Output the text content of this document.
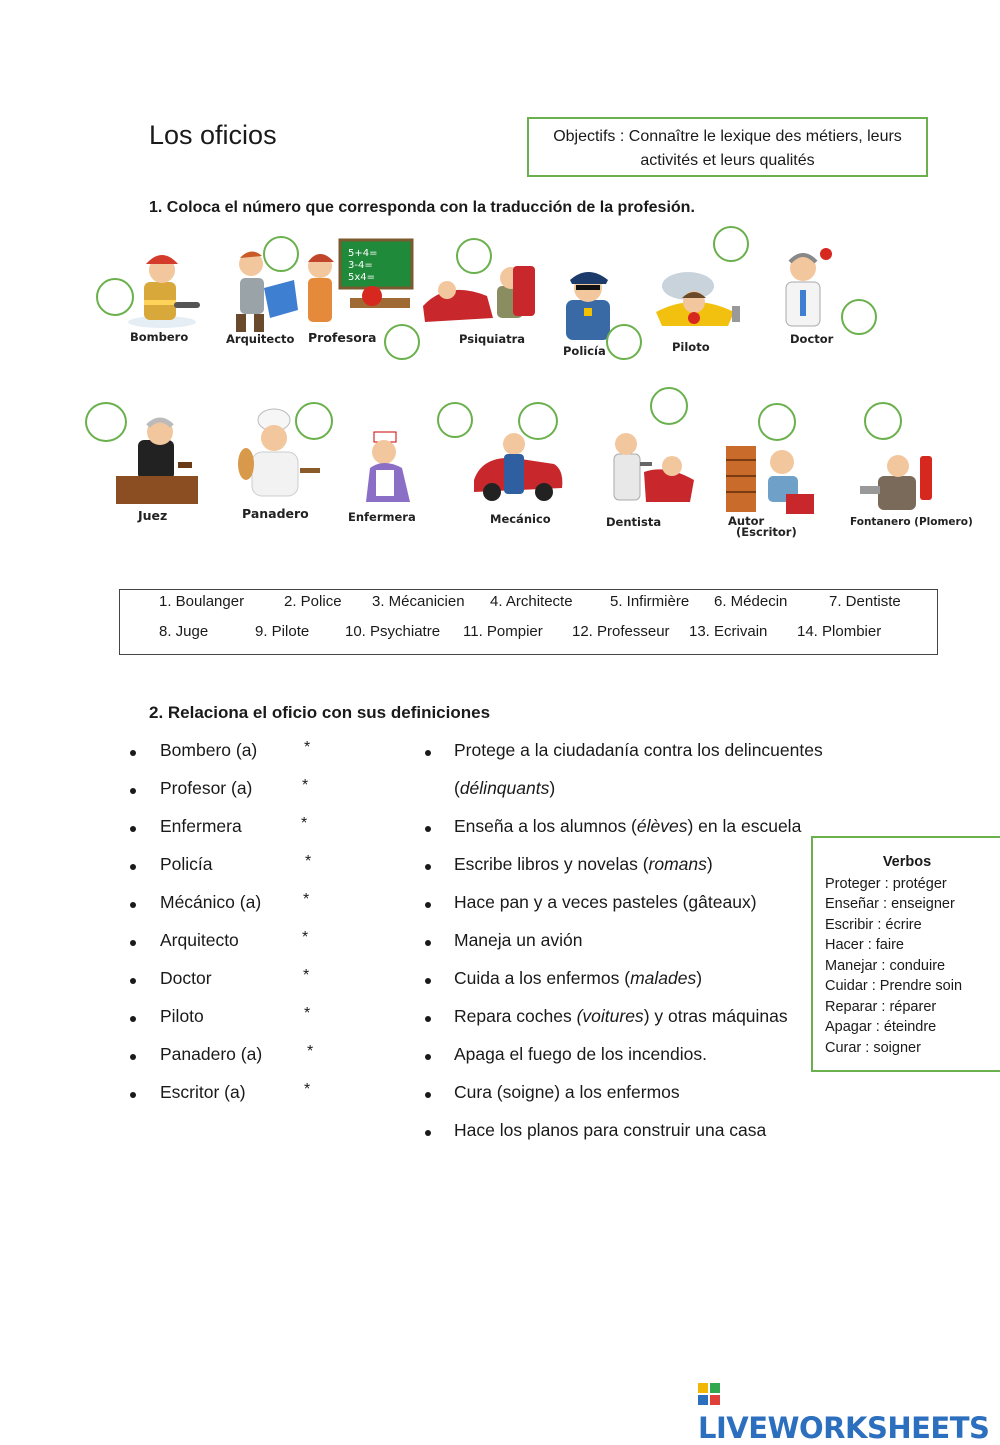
Los oficios	Objectifs : Connaître le lexique des métiers, leurs
activités et leurs qualités
1. Coloca el número que corresponda con la traducción de la profesión.
Bombero	Arquitecto
5+4=
3-4=
5x4=
Profesora	Psiquiatra
Policía	Piloto
Doctor
Juez	Panadero	Enfermera	Mecánico	Dentista	Autor
(Escritor)
Fontanero (Plomero)
1. Boulanger	2. Police 3. Mécanicien 4. Architecte 5. Infirmière 6. Médecin	7. Dentiste
8. Juge	9. Pilote 10. Psychiatre 11. Pompier 12. Professeur 13. Ecrivain 14. Plombier
2. Relaciona el oficio con sus definiciones
Bombero (a)	*
Profesor (a)	*
Enfermera	*
Policía	*
Mécánico (a)	*
Arquitecto	*
Doctor	*
Piloto	*
Panadero (a)	*
Escritor (a)	*
Protege a la ciudadanía contra los delincuentes
(délinquants)
Enseña a los alumnos (élèves) en la escuela
Escribe libros y novelas (romans)
Hace pan y a veces pasteles (gâteaux)
Maneja un avión
Cuida a los enfermos (malades)
Repara coches (voitures) y otras máquinas
Apaga el fuego de los incendios.
Cura (soigne) a los enfermos
Hace los planos para construir una casa
Verbos
Proteger : protéger
Enseñar : enseigner
Escribir : écrire
Hacer : faire
Manejar : conduire
Cuidar : Prendre soin
Reparar : réparer
Apagar : éteindre
Curar : soigner
LIVEWORKSHEETS
